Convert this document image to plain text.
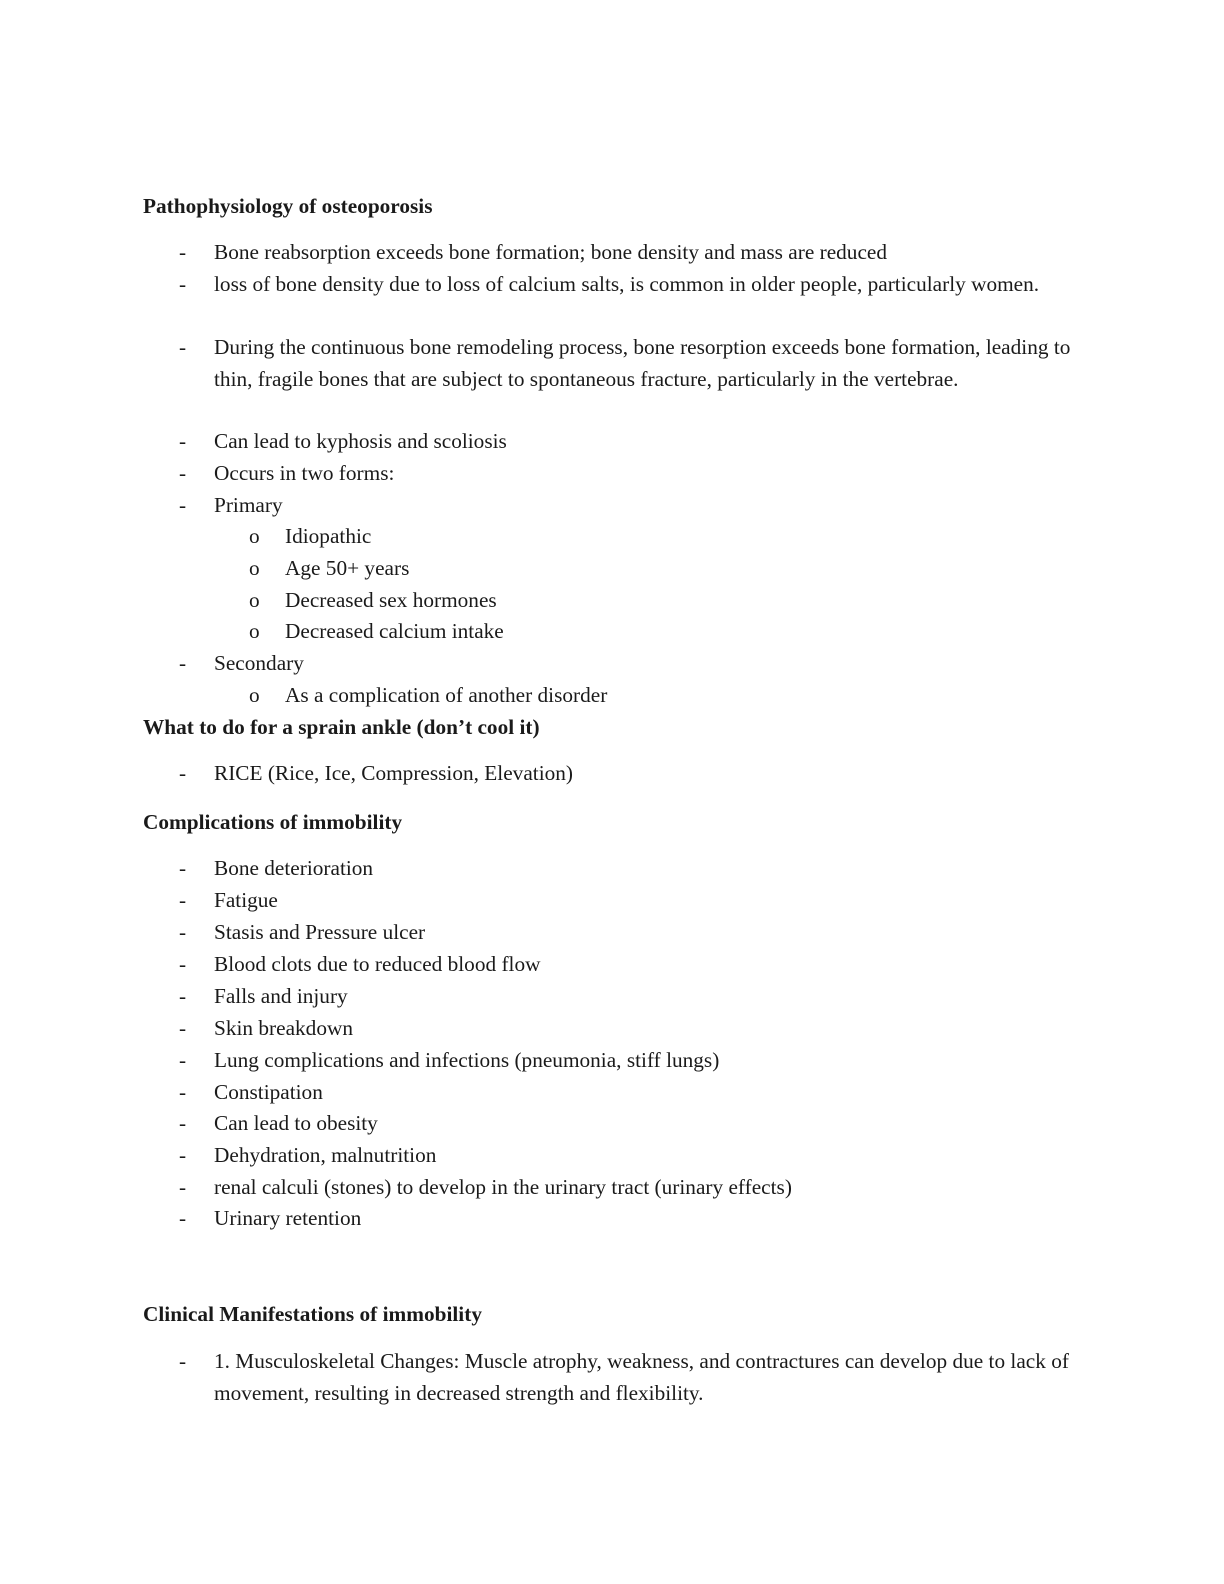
Pathophysiology of osteoporosis
- Bone reabsorption exceeds bone formation; bone density and mass are reduced
- loss of bone density due to loss of calcium salts, is common in older people, particularly women.
- During the continuous bone remodeling process, bone resorption exceeds bone formation, leading to thin, fragile bones that are subject to spontaneous fracture, particularly in the vertebrae.
- Can lead to kyphosis and scoliosis
- Occurs in two forms:
- Primary
o Idiopathic
o Age 50+ years
o Decreased sex hormones
o Decreased calcium intake
- Secondary
o As a complication of another disorder
What to do for a sprain ankle (don’t cool it)
- RICE (Rice, Ice, Compression, Elevation)
Complications of immobility
- Bone deterioration
- Fatigue
- Stasis and Pressure ulcer
- Blood clots due to reduced blood flow
- Falls and injury
- Skin breakdown
- Lung complications and infections (pneumonia, stiff lungs)
- Constipation
- Can lead to obesity
- Dehydration, malnutrition
- renal calculi (stones) to develop in the urinary tract (urinary effects)
- Urinary retention
Clinical Manifestations of immobility
- 1. Musculoskeletal Changes: Muscle atrophy, weakness, and contractures can develop due to lack of movement, resulting in decreased strength and flexibility.
